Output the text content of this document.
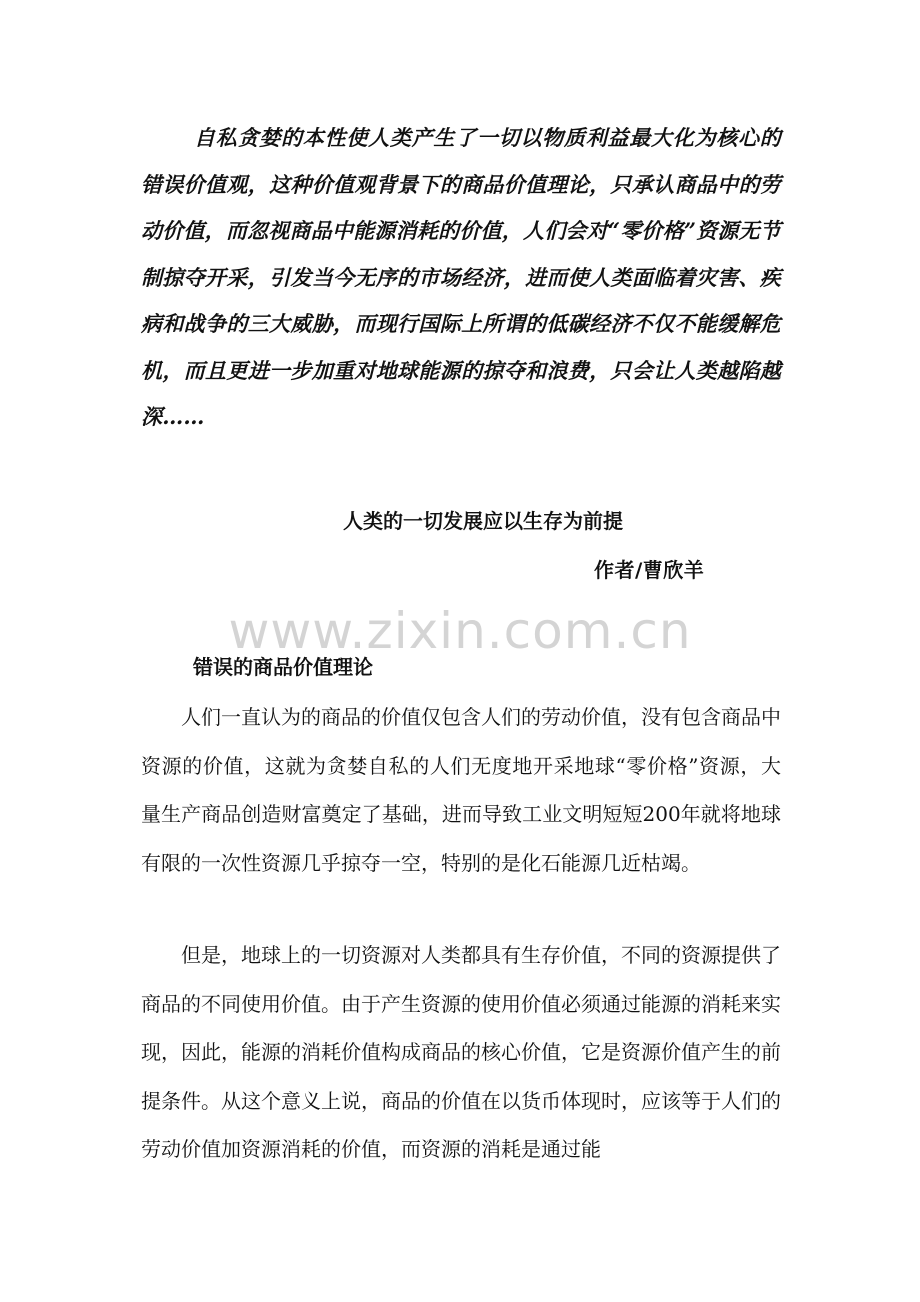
自私贪婪的本性使人类产生了一切以物质利益最大化为核心的错误价值观，这种价值观背景下的商品价值理论，只承认商品中的劳动价值，而忽视商品中能源消耗的价值，人们会对“零价格”资源无节制掠夺开采，引发当今无序的市场经济，进而使人类面临着灾害、疾病和战争的三大威胁，而现行国际上所谓的低碳经济不仅不能缓解危机，而且更进一步加重对地球能源的掠夺和浪费，只会让人类越陷越深……

人类的一切发展应以生存为前提

作者/曹欣羊

www.zixin.com.cn

错误的商品价值理论

人们一直认为的商品的价值仅包含人们的劳动价值，没有包含商品中资源的价值，这就为贪婪自私的人们无度地开采地球“零价格”资源，大量生产商品创造财富奠定了基础，进而导致工业文明短短200年就将地球有限的一次性资源几乎掠夺一空，特别的是化石能源几近枯竭。

但是，地球上的一切资源对人类都具有生存价值，不同的资源提供了商品的不同使用价值。由于产生资源的使用价值必须通过能源的消耗来实现，因此，能源的消耗价值构成商品的核心价值，它是资源价值产生的前提条件。从这个意义上说，商品的价值在以货币体现时，应该等于人们的劳动价值加资源消耗的价值，而资源的消耗是通过能
